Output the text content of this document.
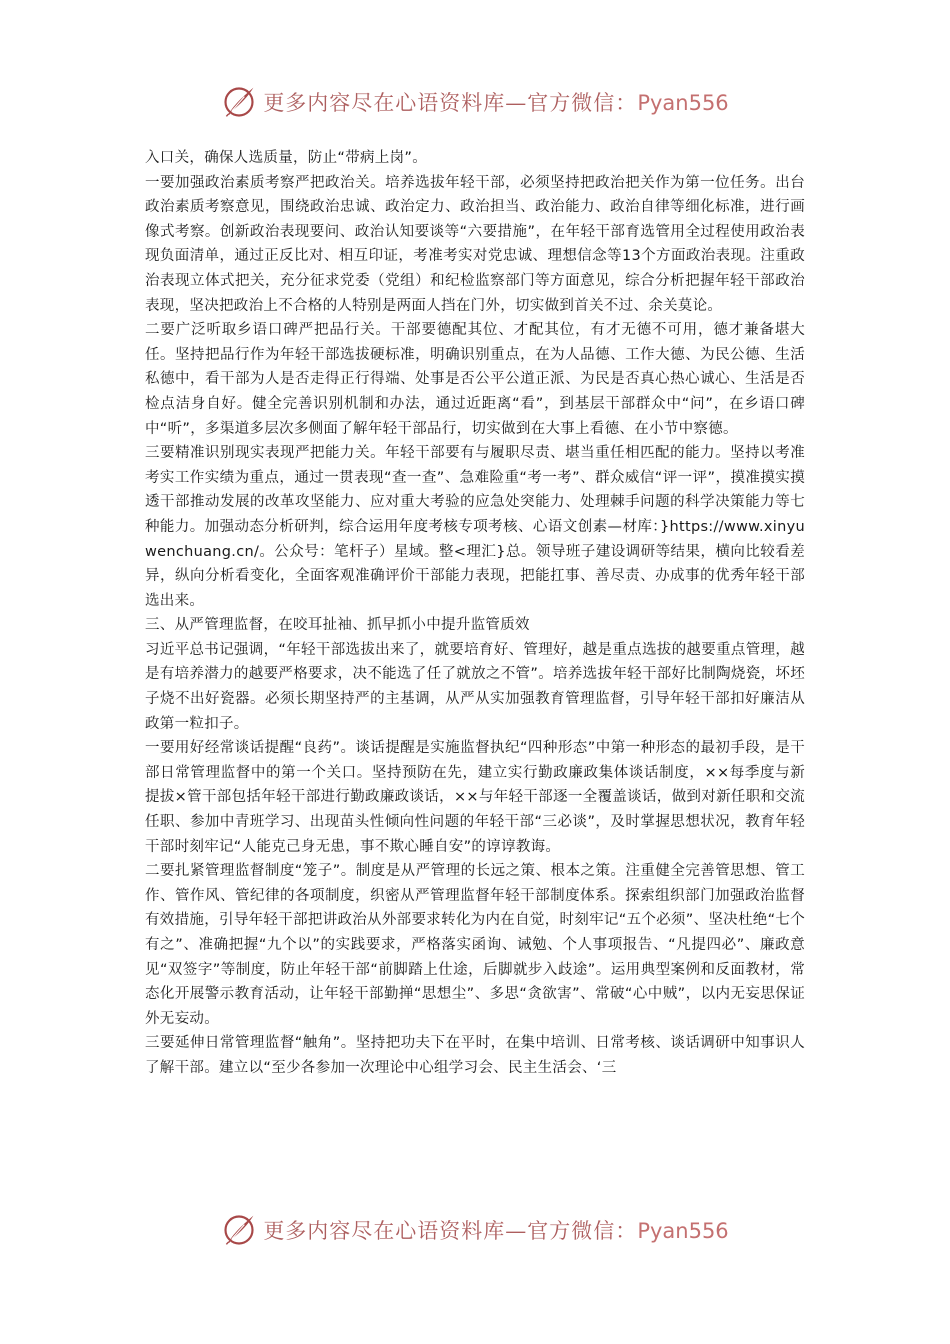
更多内容尽在心语资料库—官方微信：Pyan556

入口关，确保人选质量，防止“带病上岗”。

一要加强政治素质考察严把政治关。培养选拔年轻干部，必须坚持把政治把关作为第一位任务。出台政治素质考察意见，围绕政治忠诚、政治定力、政治担当、政治能力、政治自律等细化标准，进行画像式考察。创新政治表现要问、政治认知要谈等“六要措施”，在年轻干部育选管用全过程使用政治表现负面清单，通过正反比对、相互印证，考准考实对党忠诚、理想信念等13个方面政治表现。注重政治表现立体式把关，充分征求党委（党组）和纪检监察部门等方面意见，综合分析把握年轻干部政治表现，坚决把政治上不合格的人特别是两面人挡在门外，切实做到首关不过、余关莫论。

二要广泛听取乡语口碑严把品行关。干部要德配其位、才配其位，有才无德不可用，德才兼备堪大任。坚持把品行作为年轻干部选拔硬标准，明确识别重点，在为人品德、工作大德、为民公德、生活私德中，看干部为人是否走得正行得端、处事是否公平公道正派、为民是否真心热心诚心、生活是否检点洁身自好。健全完善识别机制和办法，通过近距离“看”，到基层干部群众中“问”，在乡语口碑中“听”，多渠道多层次多侧面了解年轻干部品行，切实做到在大事上看德、在小节中察德。

三要精准识别现实表现严把能力关。年轻干部要有与履职尽责、堪当重任相匹配的能力。坚持以考准考实工作实绩为重点，通过一贯表现“查一查”、急难险重“考一考”、群众威信“评一评”，摸准摸实摸透干部推动发展的改革攻坚能力、应对重大考验的应急处突能力、处理棘手问题的科学决策能力等七种能力。加强动态分析研判，综合运用年度考核专项考核、心语文创素—材库：}https://www.xinyuwenchuang.cn/。公众号：笔杆子）星域。整<理汇}总。领导班子建设调研等结果，横向比较看差异，纵向分析看变化，全面客观准确评价干部能力表现，把能扛事、善尽责、办成事的优秀年轻干部选出来。

三、从严管理监督，在咬耳扯袖、抓早抓小中提升监管质效

习近平总书记强调，“年轻干部选拔出来了，就要培育好、管理好，越是重点选拔的越要重点管理，越是有培养潜力的越要严格要求，决不能选了任了就放之不管”。培养选拔年轻干部好比制陶烧瓷，坏坯子烧不出好瓷器。必须长期坚持严的主基调，从严从实加强教育管理监督，引导年轻干部扣好廉洁从政第一粒扣子。

一要用好经常谈话提醒“良药”。谈话提醒是实施监督执纪“四种形态”中第一种形态的最初手段，是干部日常管理监督中的第一个关口。坚持预防在先，建立实行勤政廉政集体谈话制度，××每季度与新提拔×管干部包括年轻干部进行勤政廉政谈话，××与年轻干部逐一全覆盖谈话，做到对新任职和交流任职、参加中青班学习、出现苗头性倾向性问题的年轻干部“三必谈”，及时掌握思想状况，教育年轻干部时刻牢记“人能克己身无患，事不欺心睡自安”的谆谆教诲。

二要扎紧管理监督制度“笼子”。制度是从严管理的长远之策、根本之策。注重健全完善管思想、管工作、管作风、管纪律的各项制度，织密从严管理监督年轻干部制度体系。探索组织部门加强政治监督有效措施，引导年轻干部把讲政治从外部要求转化为内在自觉，时刻牢记“五个必须”、坚决杜绝“七个有之”、准确把握“九个以”的实践要求，严格落实函询、诫勉、个人事项报告、“凡提四必”、廉政意见“双签字”等制度，防止年轻干部“前脚踏上仕途，后脚就步入歧途”。运用典型案例和反面教材，常态化开展警示教育活动，让年轻干部勤掸“思想尘”、多思“贪欲害”、常破“心中贼”，以内无妄思保证外无妄动。

三要延伸日常管理监督“触角”。坚持把功夫下在平时，在集中培训、日常考核、谈话调研中知事识人了解干部。建立以“至少各参加一次理论中心组学习会、民主生活会、‘三

更多内容尽在心语资料库—官方微信：Pyan556
